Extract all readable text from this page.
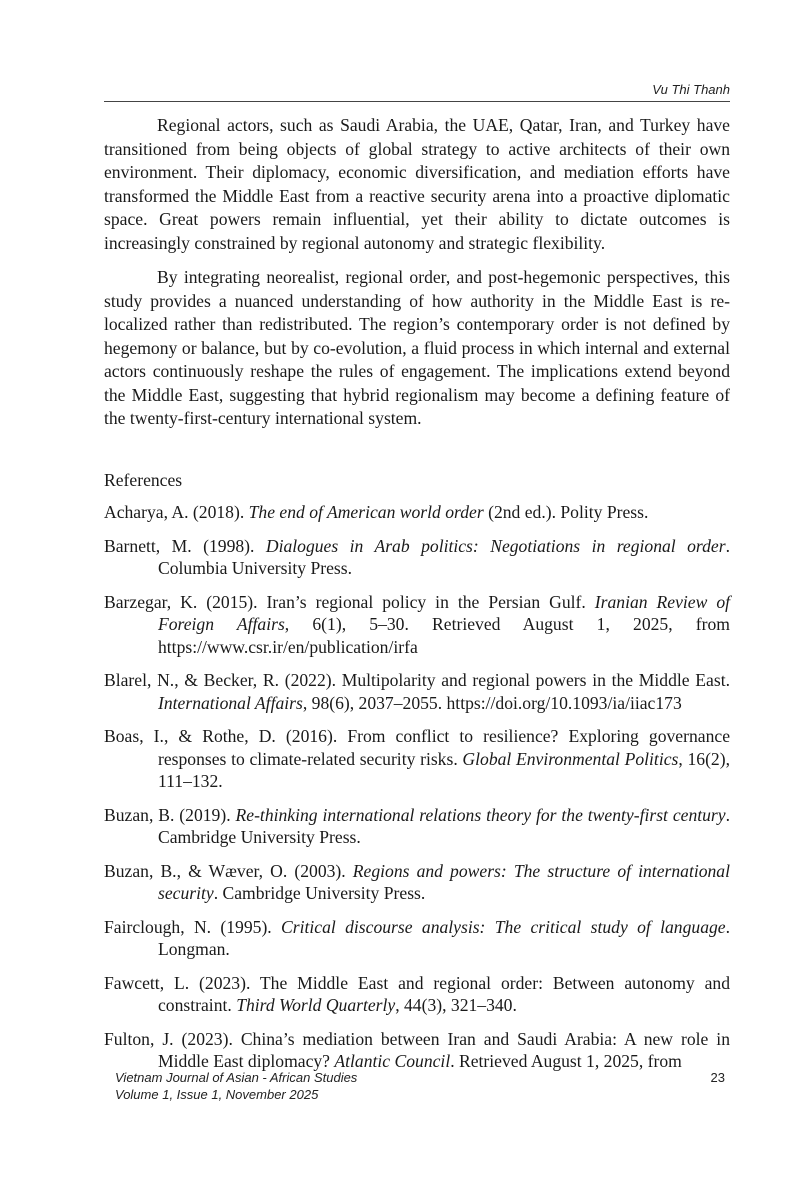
Vu Thi Thanh

Regional actors, such as Saudi Arabia, the UAE, Qatar, Iran, and Turkey have transitioned from being objects of global strategy to active architects of their own environment. Their diplomacy, economic diversification, and mediation efforts have transformed the Middle East from a reactive security arena into a proactive diplomatic space. Great powers remain influential, yet their ability to dictate outcomes is increasingly constrained by regional autonomy and strategic flexibility.

By integrating neorealist, regional order, and post-hegemonic perspectives, this study provides a nuanced understanding of how authority in the Middle East is re-localized rather than redistributed. The region’s contemporary order is not defined by hegemony or balance, but by co-evolution, a fluid process in which internal and external actors continuously reshape the rules of engagement. The implications extend beyond the Middle East, suggesting that hybrid regionalism may become a defining feature of the twenty-first-century international system.

References

Acharya, A. (2018). The end of American world order (2nd ed.). Polity Press.

Barnett, M. (1998). Dialogues in Arab politics: Negotiations in regional order. Columbia University Press.

Barzegar, K. (2015). Iran’s regional policy in the Persian Gulf. Iranian Review of Foreign Affairs, 6(1), 5–30. Retrieved August 1, 2025, from https://www.csr.ir/en/publication/irfa

Blarel, N., & Becker, R. (2022). Multipolarity and regional powers in the Middle East. International Affairs, 98(6), 2037–2055. https://doi.org/10.1093/ia/iiac173

Boas, I., & Rothe, D. (2016). From conflict to resilience? Exploring governance responses to climate-related security risks. Global Environmental Politics, 16(2), 111–132.

Buzan, B. (2019). Re-thinking international relations theory for the twenty-first century. Cambridge University Press.

Buzan, B., & Wæver, O. (2003). Regions and powers: The structure of international security. Cambridge University Press.

Fairclough, N. (1995). Critical discourse analysis: The critical study of language. Longman.

Fawcett, L. (2023). The Middle East and regional order: Between autonomy and constraint. Third World Quarterly, 44(3), 321–340.

Fulton, J. (2023). China’s mediation between Iran and Saudi Arabia: A new role in Middle East diplomacy? Atlantic Council. Retrieved August 1, 2025, from

Vietnam Journal of Asian - African Studies
Volume 1, Issue 1, November 2025
23
